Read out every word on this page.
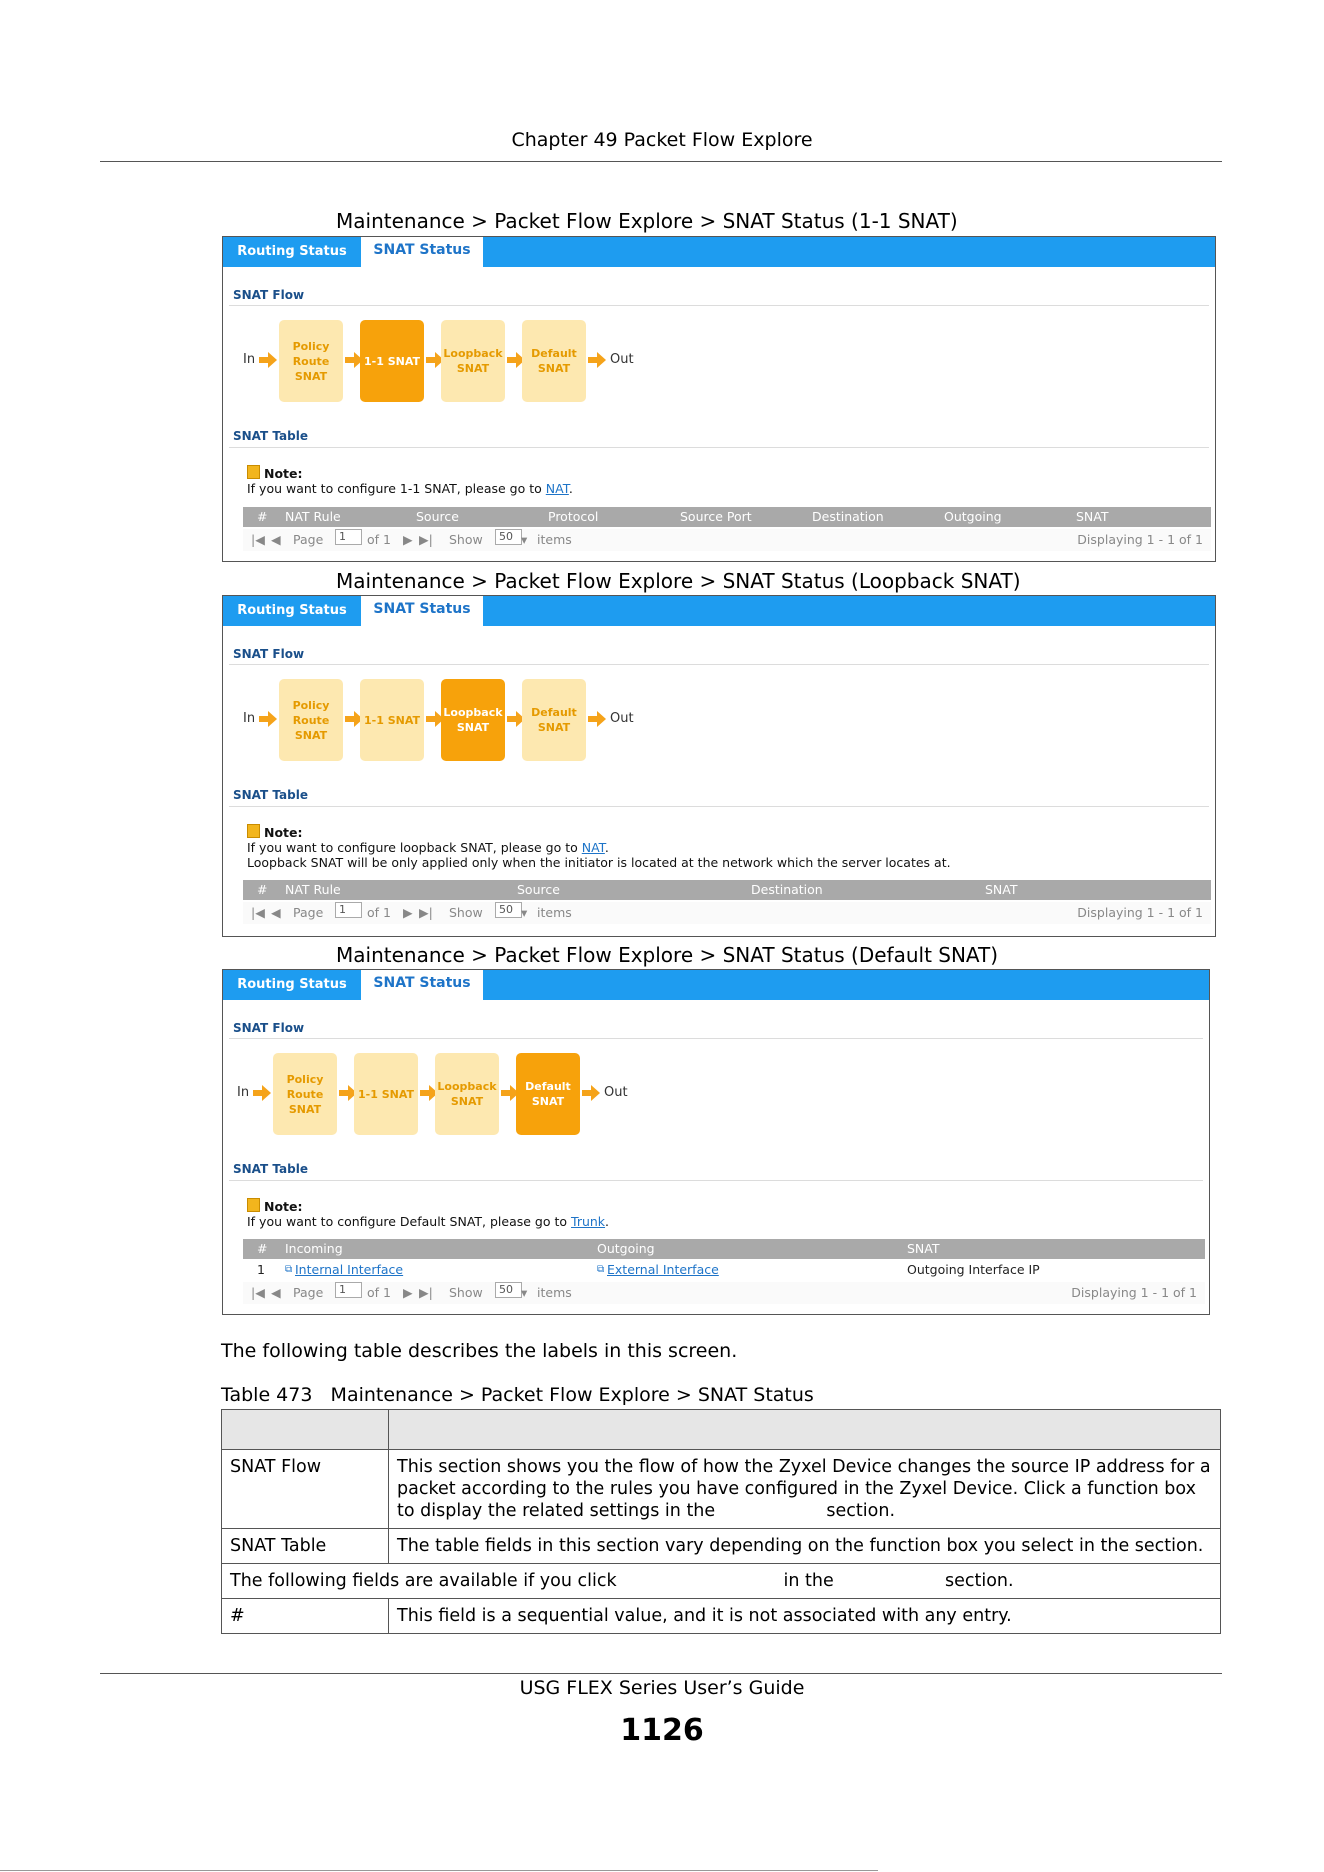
Chapter 49 Packet Flow Explore
Maintenance > Packet Flow Explore > SNAT Status (1-1 SNAT)
Routing Status	SNAT Status
SNAT Flow
In
Policy Route SNAT
1-1 SNAT
Loopback SNAT
Default SNAT
Out
SNAT Table
Note:
If you want to configure 1-1 SNAT, please go to NAT.
# NAT Rule	Source	Protocol	Source Port	Destination	Outgoing	SNAT
|◀ ◀ Page	1	of 1 ▶ ▶| Show	50 ▾ items	Displaying 1 - 1 of 1
Maintenance > Packet Flow Explore > SNAT Status (Loopback SNAT)
Routing Status	SNAT Status
SNAT Flow
In
Policy Route SNAT
1-1 SNAT
Loopback SNAT
Default SNAT
Out
SNAT Table
Note:
If you want to configure loopback SNAT, please go to NAT.
Loopback SNAT will be only applied only when the initiator is located at the network which the server locates at.
# NAT Rule	Source	Destination	SNAT
|◀ ◀ Page	1	of 1 ▶ ▶| Show	50 ▾ items	Displaying 1 - 1 of 1
Maintenance > Packet Flow Explore > SNAT Status (Default SNAT)
Routing Status	SNAT Status
SNAT Flow
In
Policy Route SNAT
1-1 SNAT
Loopback SNAT
Default SNAT
Out
SNAT Table
Note:
If you want to configure Default SNAT, please go to Trunk.
# Incoming	Outgoing	SNAT
1 ⧉ Internal Interface	⧉ External Interface	Outgoing Interface IP
|◀ ◀ Page	1	of 1 ▶ ▶| Show	50 ▾ items	Displaying 1 - 1 of 1
The following table describes the labels in this screen.
Table 473   Maintenance > Packet Flow Explore > SNAT Status

SNAT Flow	This section shows you the flow of how the Zyxel Device changes the source IP address for a packet according to the rules you have configured in the Zyxel Device. Click a function box to display the related settings in the                    section.
SNAT Table	The table fields in this section vary depending on the function box you select in the section.
The following fields are available if you click                              in the                    section.	
#	This field is a sequential value, and it is not associated with any entry.
USG FLEX Series User’s Guide
1126
